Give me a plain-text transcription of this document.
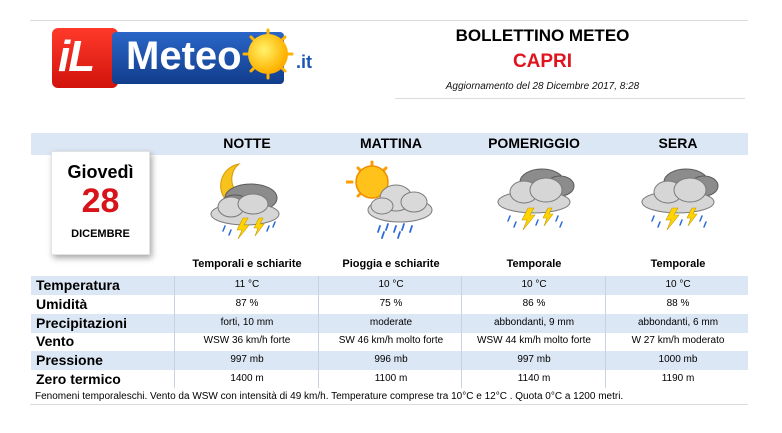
iL Meteo	.it
BOLLETTINO METEO
CAPRI
Aggiornamento del 28 Dicembre 2017, 8:28
NOTTE	MATTINA	POMERIGGIO	SERA
Giovedì
28
DICEMBRE
Temporali e schiarite	Pioggia e schiarite	Temporale	Temporale
Temperatura	11 °C	10 °C	10 °C	10 °C
Umidità	87 %	75 %	86 %	88 %
Precipitazioni	forti, 10 mm	moderate	abbondanti, 9 mm	abbondanti, 6 mm
Vento	WSW 36 km/h forte	SW 46 km/h molto forte	WSW 44 km/h molto forte	W 27 km/h moderato
Pressione	997 mb	996 mb	997 mb	1000 mb
Zero termico	1400 m	1100 m	1140 m	1190 m
Fenomeni temporaleschi. Vento da WSW con intensità di 49 km/h. Temperature comprese tra 10°C e 12°C . Quota 0°C a 1200 metri.
